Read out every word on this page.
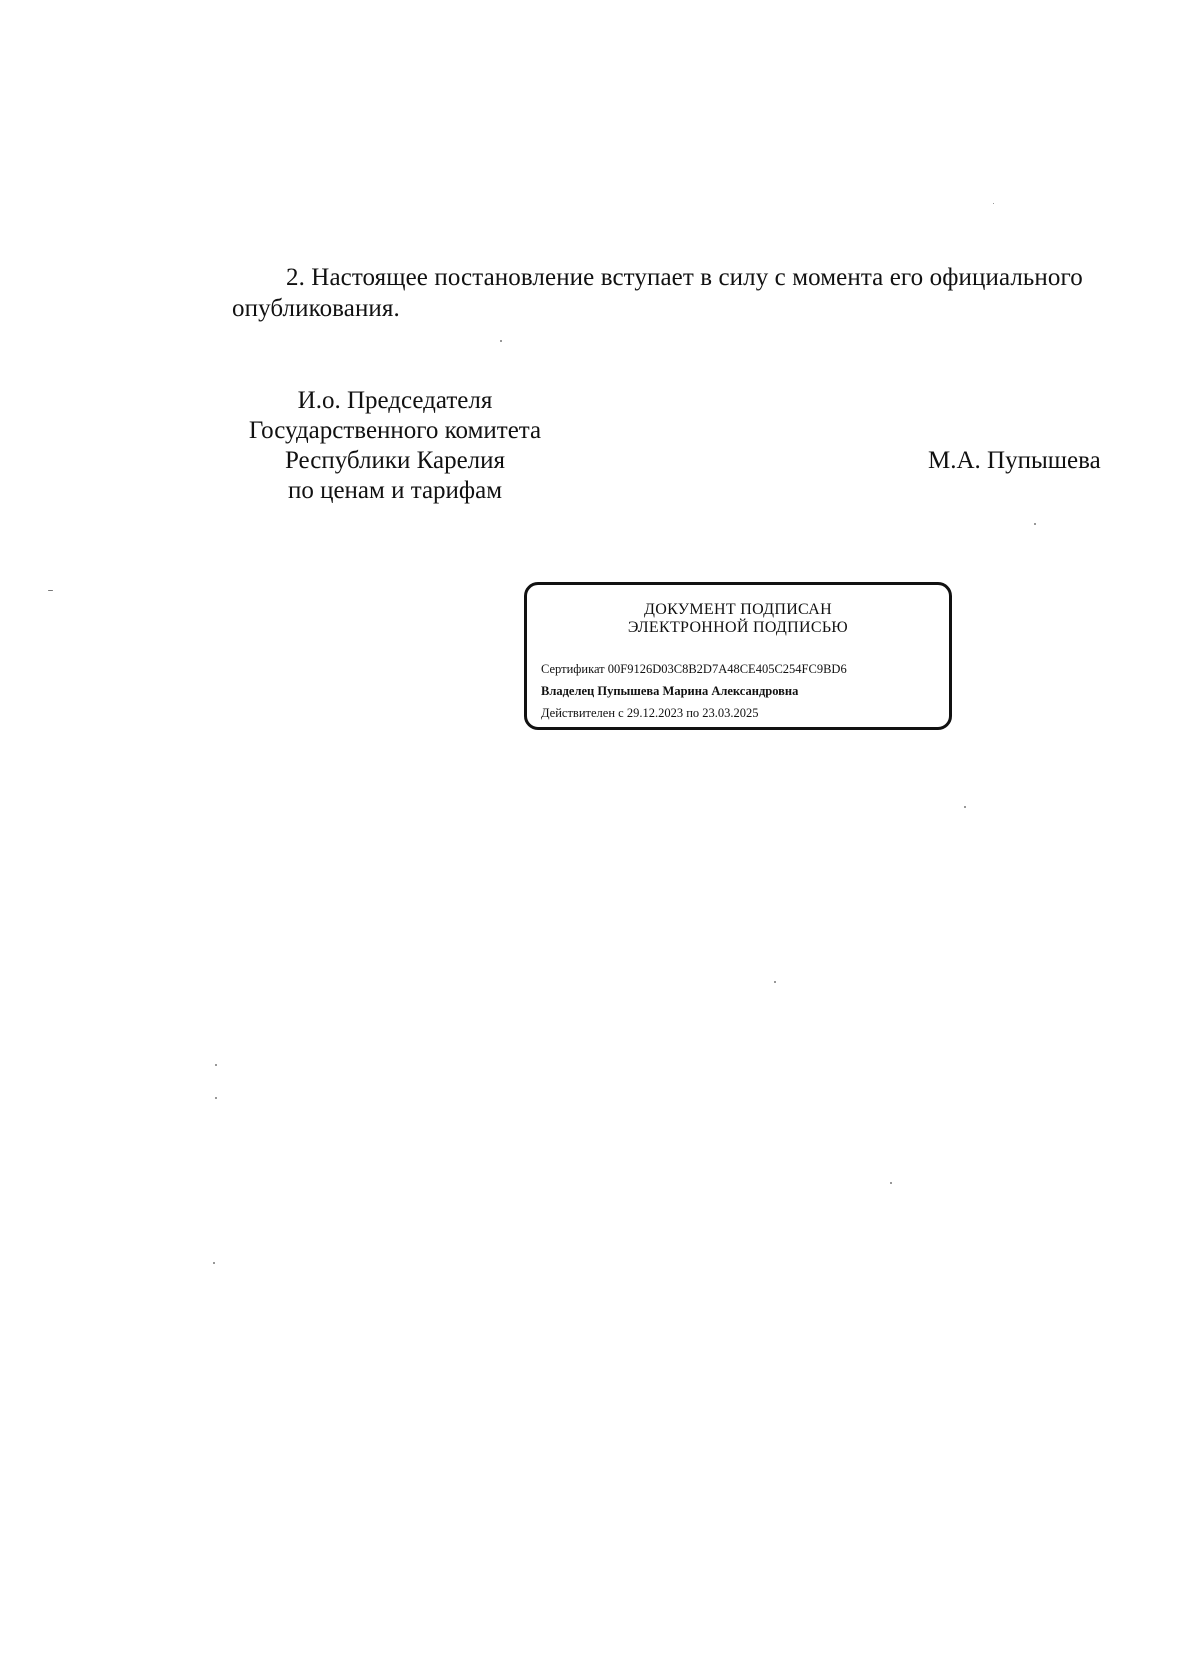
2. Настоящее постановление вступает в силу с момента его официального опубликования.
И.о. Председателя
Государственного комитета
Республики Карелия
по ценам и тарифам
М.А. Пупышева
ДОКУМЕНТ ПОДПИСАН
ЭЛЕКТРОННОЙ ПОДПИСЬЮ
Сертификат 00F9126D03C8B2D7A48CE405C254FC9BD6
Владелец Пупышева Марина Александровна
Действителен с 29.12.2023 по 23.03.2025
